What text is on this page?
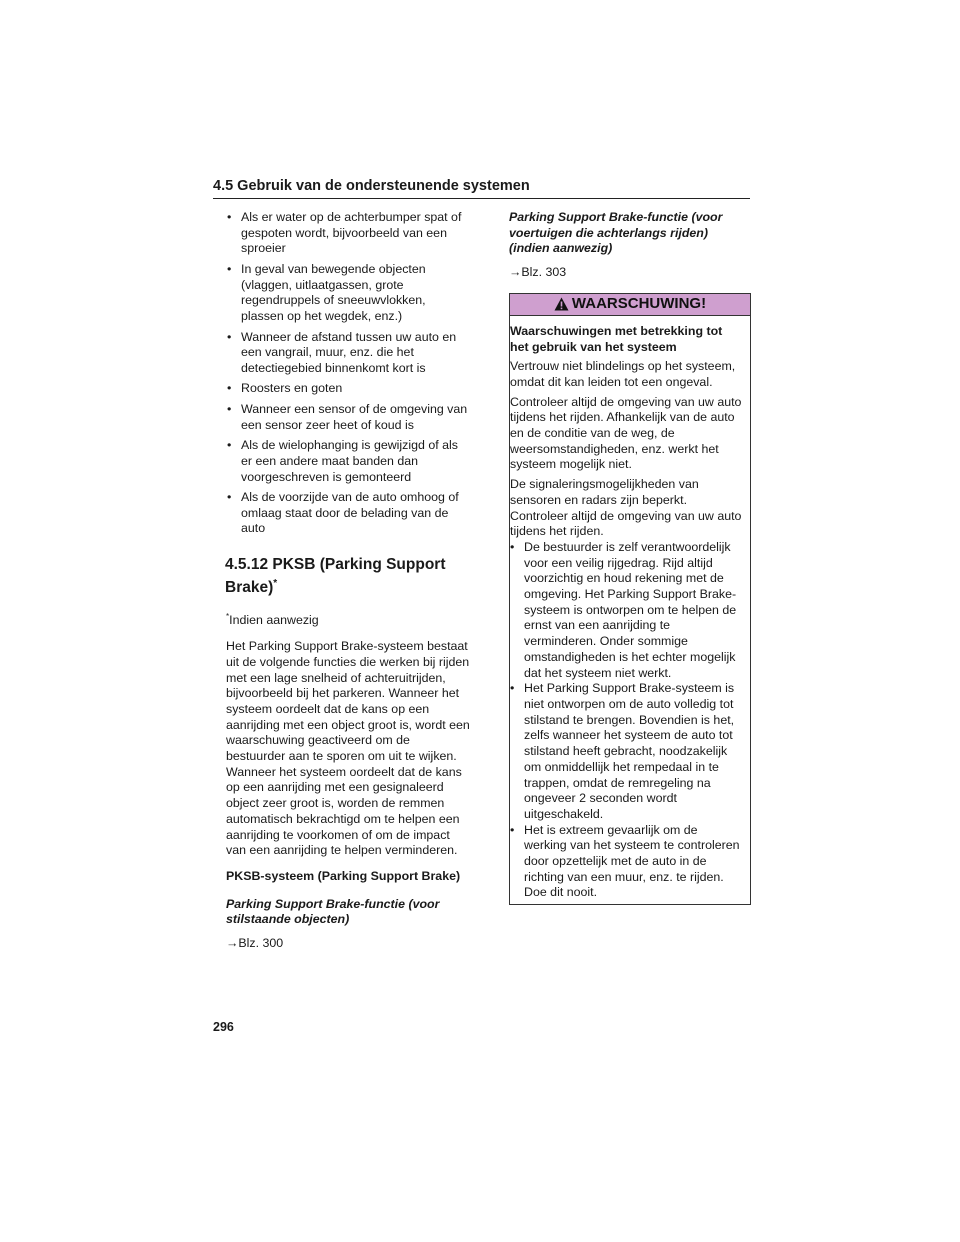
4.5 Gebruik van de ondersteunende systemen
• Als er water op de achterbumper spat of gespoten wordt, bijvoorbeeld van een sproeier
• In geval van bewegende objecten (vlaggen, uitlaatgassen, grote regendruppels of sneeuwvlokken, plassen op het wegdek, enz.)
• Wanneer de afstand tussen uw auto en een vangrail, muur, enz. die het detectiegebied binnenkomt kort is
• Roosters en goten
• Wanneer een sensor of de omgeving van een sensor zeer heet of koud is
• Als de wielophanging is gewijzigd of als er een andere maat banden dan voorgeschreven is gemonteerd
• Als de voorzijde van de auto omhoog of omlaag staat door de belading van de auto
4.5.12 PKSB (Parking Support Brake)*
*Indien aanwezig
Het Parking Support Brake-systeem bestaat uit de volgende functies die werken bij rijden met een lage snelheid of achteruitrijden, bijvoorbeeld bij het parkeren. Wanneer het systeem oordeelt dat de kans op een aanrijding met een object groot is, wordt een waarschuwing geactiveerd om de bestuurder aan te sporen om uit te wijken. Wanneer het systeem oordeelt dat de kans op een aanrijding met een gesignaleerd object zeer groot is, worden de remmen automatisch bekrachtigd om te helpen een aanrijding te voorkomen of om de impact van een aanrijding te helpen verminderen.
PKSB-systeem (Parking Support Brake)
Parking Support Brake-functie (voor stilstaande objecten)
→Blz. 300
Parking Support Brake-functie (voor voertuigen die achterlangs rijden) (indien aanwezig)
→Blz. 303
WAARSCHUWING!
Waarschuwingen met betrekking tot het gebruik van het systeem
Vertrouw niet blindelings op het systeem, omdat dit kan leiden tot een ongeval.
Controleer altijd de omgeving van uw auto tijdens het rijden. Afhankelijk van de auto en de conditie van de weg, de weersomstandigheden, enz. werkt het systeem mogelijk niet.
De signaleringsmogelijkheden van sensoren en radars zijn beperkt. Controleer altijd de omgeving van uw auto tijdens het rijden.
• De bestuurder is zelf verantwoordelijk voor een veilig rijgedrag. Rijd altijd voorzichtig en houd rekening met de omgeving. Het Parking Support Brake-systeem is ontworpen om te helpen de ernst van een aanrijding te verminderen. Onder sommige omstandigheden is het echter mogelijk dat het systeem niet werkt.
• Het Parking Support Brake-systeem is niet ontworpen om de auto volledig tot stilstand te brengen. Bovendien is het, zelfs wanneer het systeem de auto tot stilstand heeft gebracht, noodzakelijk om onmiddellijk het rempedaal in te trappen, omdat de remregeling na ongeveer 2 seconden wordt uitgeschakeld.
• Het is extreem gevaarlijk om de werking van het systeem te controleren door opzettelijk met de auto in de richting van een muur, enz. te rijden. Doe dit nooit.
296
